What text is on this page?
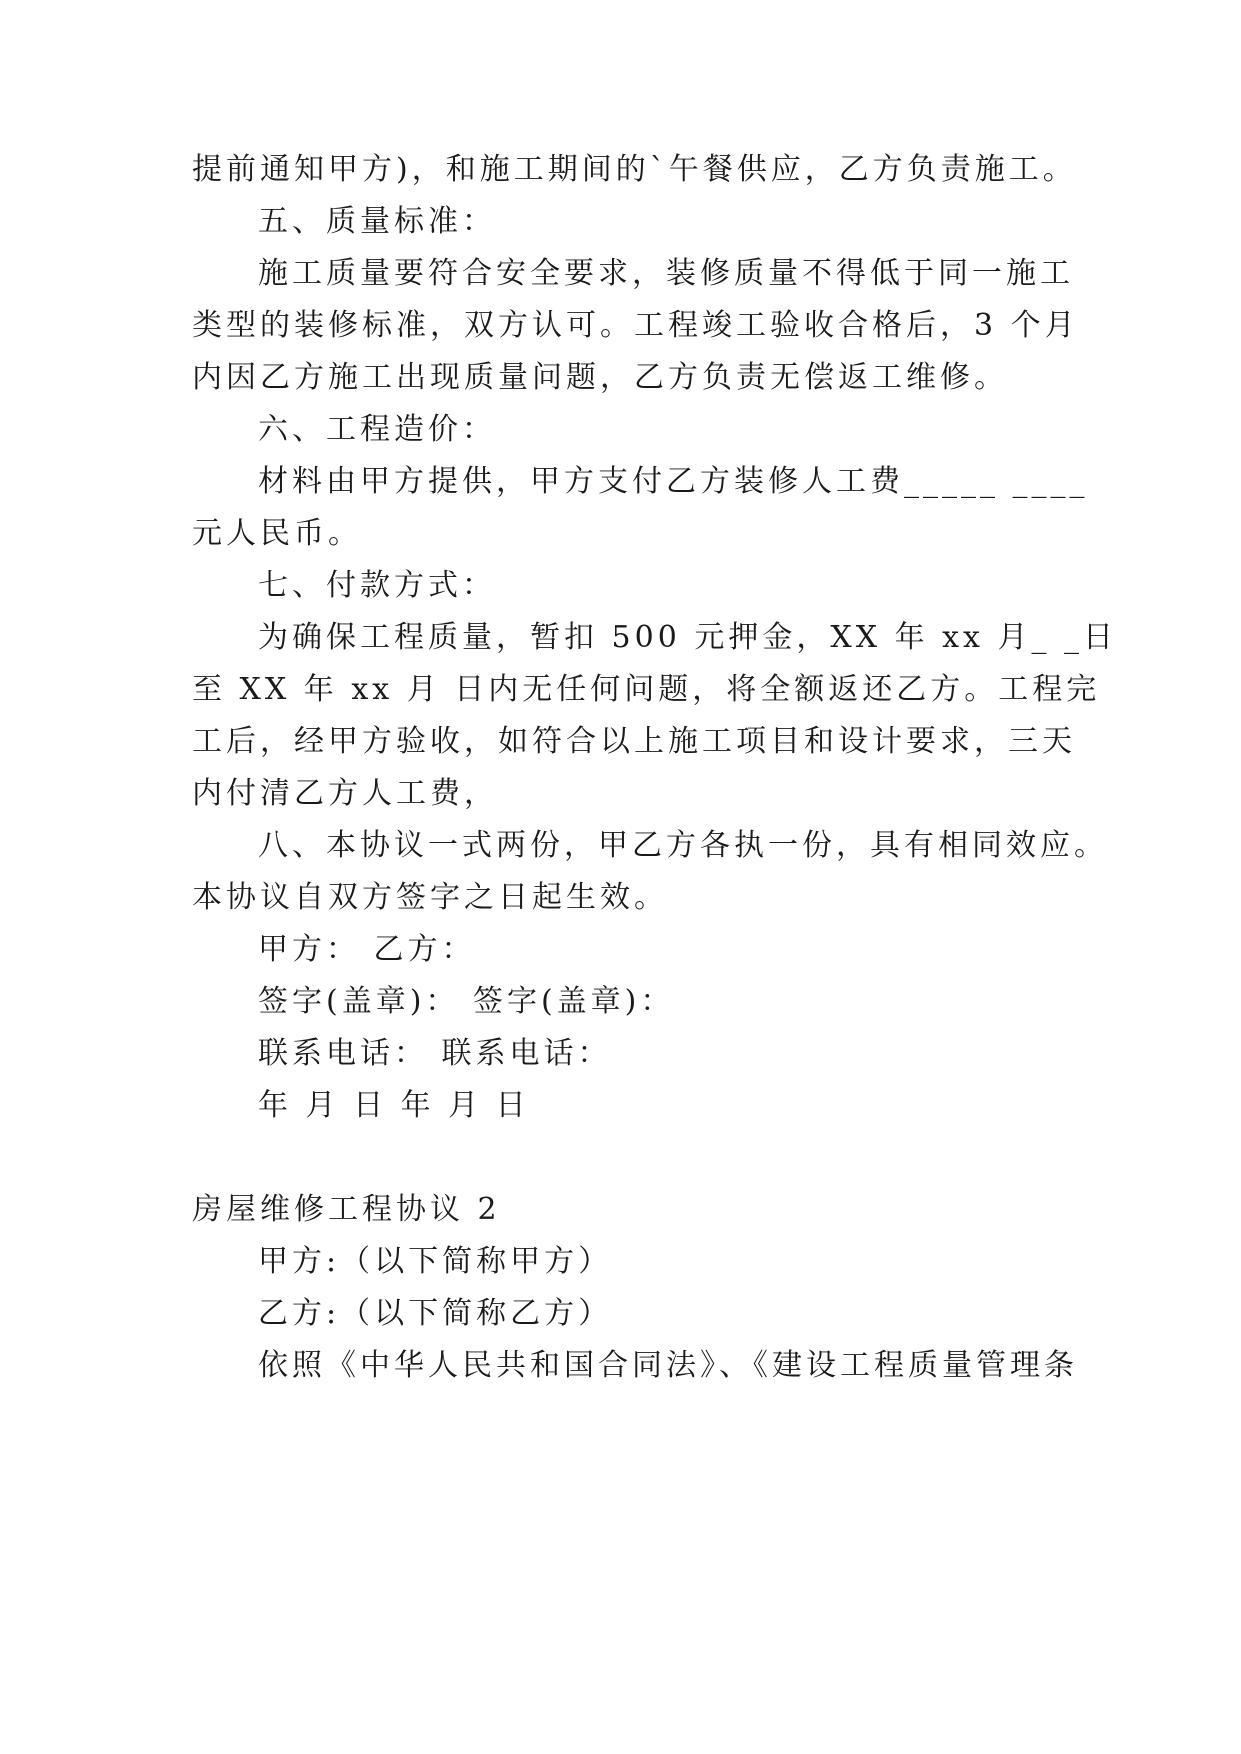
提前通知甲方)，和施工期间的`午餐供应，乙方负责施工。
五、质量标准：
施工质量要符合安全要求，装修质量不得低于同一施工
类型的装修标准，双方认可。工程竣工验收合格后，3 个月
内因乙方施工出现质量问题，乙方负责无偿返工维修。
六、工程造价：
材料由甲方提供，甲方支付乙方装修人工费_____ ____
元人民币。
七、付款方式：
为确保工程质量，暂扣 500 元押金，XX 年 xx 月_ _日
至 XX 年 xx 月 日内无任何问题，将全额返还乙方。工程完
工后，经甲方验收，如符合以上施工项目和设计要求，三天
内付清乙方人工费，
八、本协议一式两份，甲乙方各执一份，具有相同效应。
本协议自双方签字之日起生效。
甲方： 乙方：
签字(盖章)： 签字(盖章)：
联系电话： 联系电话：
年 月 日 年 月 日
房屋维修工程协议 2
甲方:（以下简称甲方）
乙方:（以下简称乙方）
依照《中华人民共和国合同法》、《建设工程质量管理条
